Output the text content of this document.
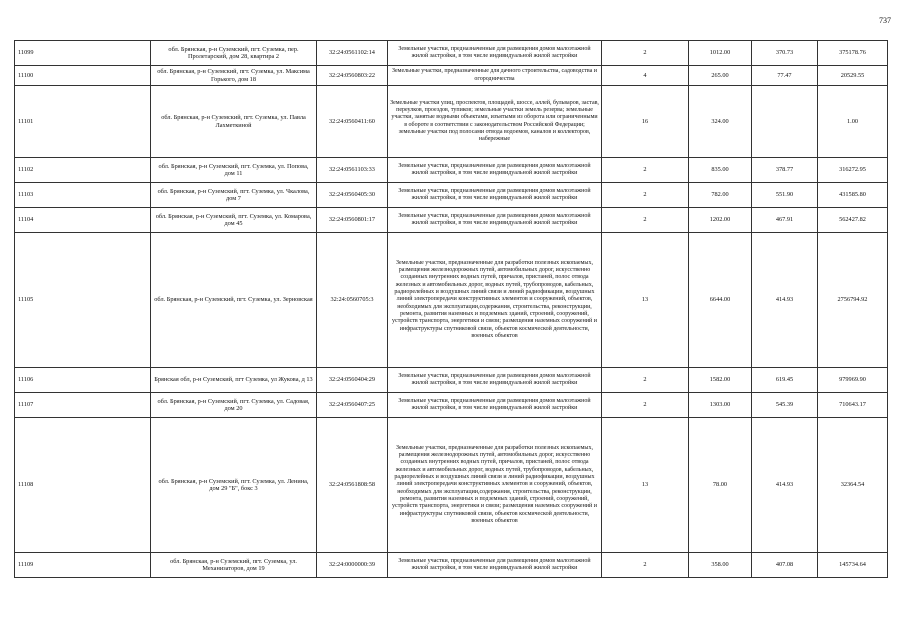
737
11099	обл. Брянская, р-н Суземский, пгт. Суземка, пер. Пролетарский, дом 28, квартира 2	32:24:0561102:14	Земельные участки, предназначенные для размещения домов малоэтажной жилой застройки, в том числе индивидуальной жилой застройки	2	1012.00	370.73	375178.76
11100	обл. Брянская, р-н Суземский, пгт. Суземка, ул. Максима Горького, дом 18	32:24:0560803:22	Земельные участки, предназначенные для дачного строительства, садоводства и огородничества	4	265.00	77.47	20529.55
11101	обл. Брянская, р-н Суземский, пгт. Суземка, ул. Павла Лахметкиной	32:24:0560411:60	Земельные участки улиц, проспектов, площадей, шоссе, аллей, бульваров, застав, переулков, проездов, тупиков; земельные участки земель резерва; земельные участки, занятые водными объектами, изъятыми из оборота или ограниченными в обороте в соответствии с законодательством Российской Федерации; земельные участки под полосами отвода водоемов, каналов и коллекторов, набережные	16	324.00		1.00
11102	обл. Брянская, р-н Суземский, пгт. Суземка, ул. Попова, дом 11	32:24:0561103:33	Земельные участки, предназначенные для размещения домов малоэтажной жилой застройки, в том числе индивидуальной жилой застройки	2	835.00	378.77	316272.95
11103	обл. Брянская, р-н Суземский, пгт. Суземка, ул. Чкалова, дом 7	32:24:0560405:30	Земельные участки, предназначенные для размещения домов малоэтажной жилой застройки, в том числе индивидуальной жилой застройки	2	782.00	551.90	431585.80
11104	обл. Брянская, р-н Суземский, пгт. Суземка, ул. Комарова, дом 45	32:24:0560801:17	Земельные участки, предназначенные для размещения домов малоэтажной жилой застройки, в том числе индивидуальной жилой застройки	2	1202.00	467.91	562427.82
11105	обл. Брянская, р-н Суземский, пгт. Суземка, ул. Зерновская	32:24:0560705:3	Земельные участки, предназначенные для разработки полезных ископаемых, размещения железнодорожных путей, автомобильных дорог, искусственно созданных внутренних водных путей, причалов, пристаней, полос отвода железных и автомобильных дорог, водных путей, трубопроводов, кабельных, радиорелейных и воздушных линий связи и линий радиофикации, воздушных линий электропередачи конструктивных элементов и сооружений, объектов, необходимых для эксплуатации,содержания, строительства, реконструкции, ремонта, развития наземных и подземных зданий, строений, сооружений, устройств транспорта, энергетики и связи; размещения наземных сооружений и инфраструктуры спутниковой связи, объектов космической деятельности, военных объектов	13	6644.00	414.93	2756794.92
11106	Брянская обл, р-н Суземский, пгт Суземка, ул Жукова, д 13	32:24:0560404:29	Земельные участки, предназначенные для размещения домов малоэтажной жилой застройки, в том числе индивидуальной жилой застройки	2	1582.00	619.45	979969.90
11107	обл. Брянская, р-н Суземский, пгт. Суземка, ул. Садовая, дом 20	32:24:0560407:25	Земельные участки, предназначенные для размещения домов малоэтажной жилой застройки, в том числе индивидуальной жилой застройки	2	1303.00	545.39	710643.17
11108	обл. Брянская, р-н Суземский, пгт. Суземка, ул. Ленина, дом 29 "Б", бокс 3	32:24:0561808:58	Земельные участки, предназначенные для разработки полезных ископаемых, размещения железнодорожных путей, автомобильных дорог, искусственно созданных внутренних водных путей, причалов, пристаней, полос отвода железных и автомобильных дорог, водных путей, трубопроводов, кабельных, радиорелейных и воздушных линий связи и линий радиофикации, воздушных линий электропередачи конструктивных элементов и сооружений, объектов, необходимых для эксплуатации,содержания, строительства, реконструкции, ремонта, развития наземных и подземных зданий, строений, сооружений, устройств транспорта, энергетики и связи; размещения наземных сооружений и инфраструктуры спутниковой связи, объектов космической деятельности, военных объектов	13	78.00	414.93	32364.54
11109	обл. Брянская, р-н Суземский, пгт. Суземка, ул. Механизаторов, дом 19	32:24:0000000:39	Земельные участки, предназначенные для размещения домов малоэтажной жилой застройки, в том числе индивидуальной жилой застройки	2	358.00	407.08	145734.64
